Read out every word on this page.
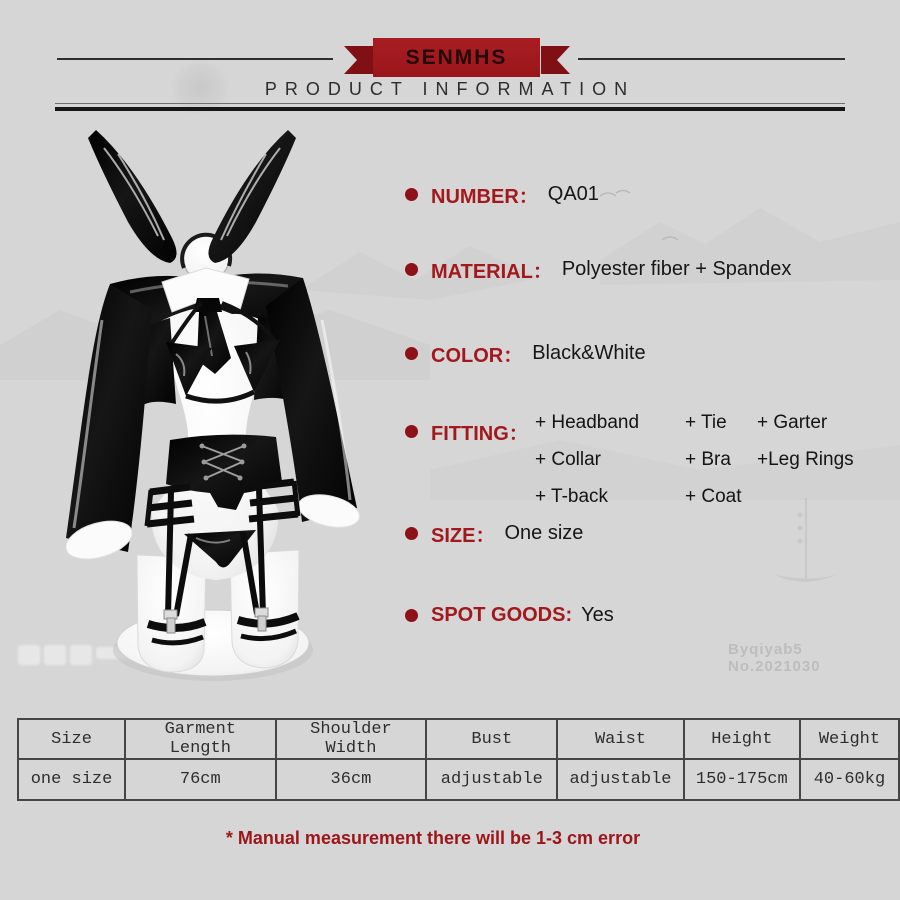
SENMHS
PRODUCT INFORMATION
NUMBER： QA01
MATERIAL： Polyester fiber + Spandex
COLOR： Black&White
FITTING：
+ Headband	+ Tie	+ Garter
+ Collar	+ Bra	+Leg Rings
+ T-back	+ Coat
SIZE： One size
SPOT GOODS: Yes
Size	Garment Length	Shoulder Width	Bust	Waist	Height	Weight
one size	76cm	36cm	adjustable	adjustable	150-175cm	40-60kg
* Manual measurement there will be 1-3 cm error
Byqiyab5 No.2021030
